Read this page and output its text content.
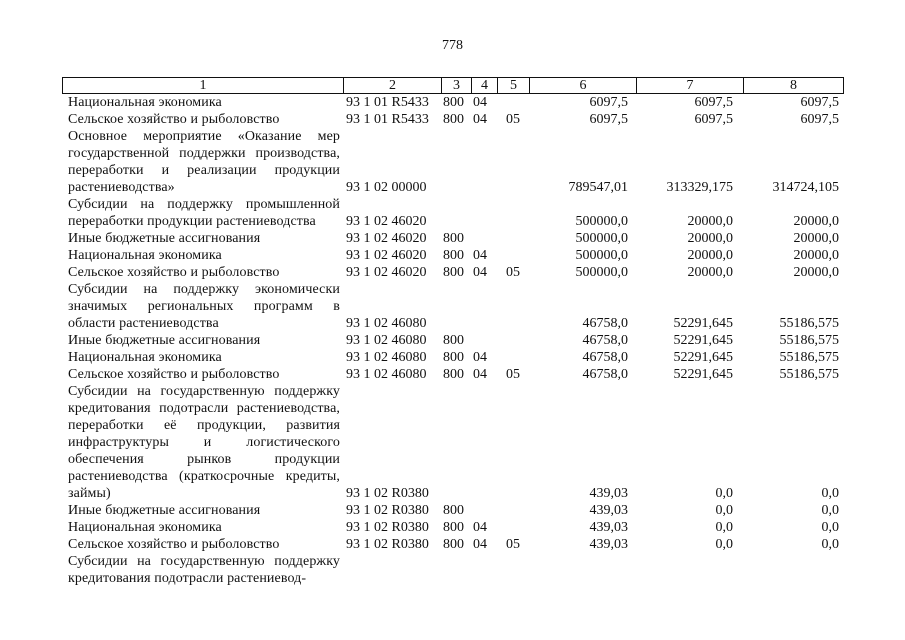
778
1	2	3	4	5	6	7	8
Национальная экономика	93 1 01 R5433 800 04	6097,5	6097,5	6097,5
Сельское хозяйство и рыболовство	93 1 01 R5433 800 04 05	6097,5	6097,5	6097,5
Основное мероприятие «Оказание мер государственной поддержки производства, переработки и реализации продукции растениеводства»	93 1 02 00000	789547,01	313329,175	314724,105
Субсидии на поддержку промышленной переработки продукции растениеводства	93 1 02 46020	500000,0	20000,0	20000,0
Иные бюджетные ассигнования	93 1 02 46020 800	500000,0	20000,0	20000,0
Национальная экономика	93 1 02 46020 800 04	500000,0	20000,0	20000,0
Сельское хозяйство и рыболовство	93 1 02 46020 800 04 05	500000,0	20000,0	20000,0
Субсидии на поддержку экономически значимых региональных программ в области растениеводства	93 1 02 46080	46758,0	52291,645	55186,575
Иные бюджетные ассигнования	93 1 02 46080 800	46758,0	52291,645	55186,575
Национальная экономика	93 1 02 46080 800 04	46758,0	52291,645	55186,575
Сельское хозяйство и рыболовство	93 1 02 46080 800 04 05	46758,0	52291,645	55186,575
Субсидии на государственную поддержку кредитования подотрасли растениеводства, переработки её продукции, развития инфраструктуры и логистического обеспечения рынков продукции растениеводства (краткосрочные кредиты, займы)	93 1 02 R0380	439,03	0,0	0,0
Иные бюджетные ассигнования	93 1 02 R0380 800	439,03	0,0	0,0
Национальная экономика	93 1 02 R0380 800 04	439,03	0,0	0,0
Сельское хозяйство и рыболовство	93 1 02 R0380 800 04 05	439,03	0,0	0,0
Субсидии на государственную поддержку кредитования подотрасли растениевод-
